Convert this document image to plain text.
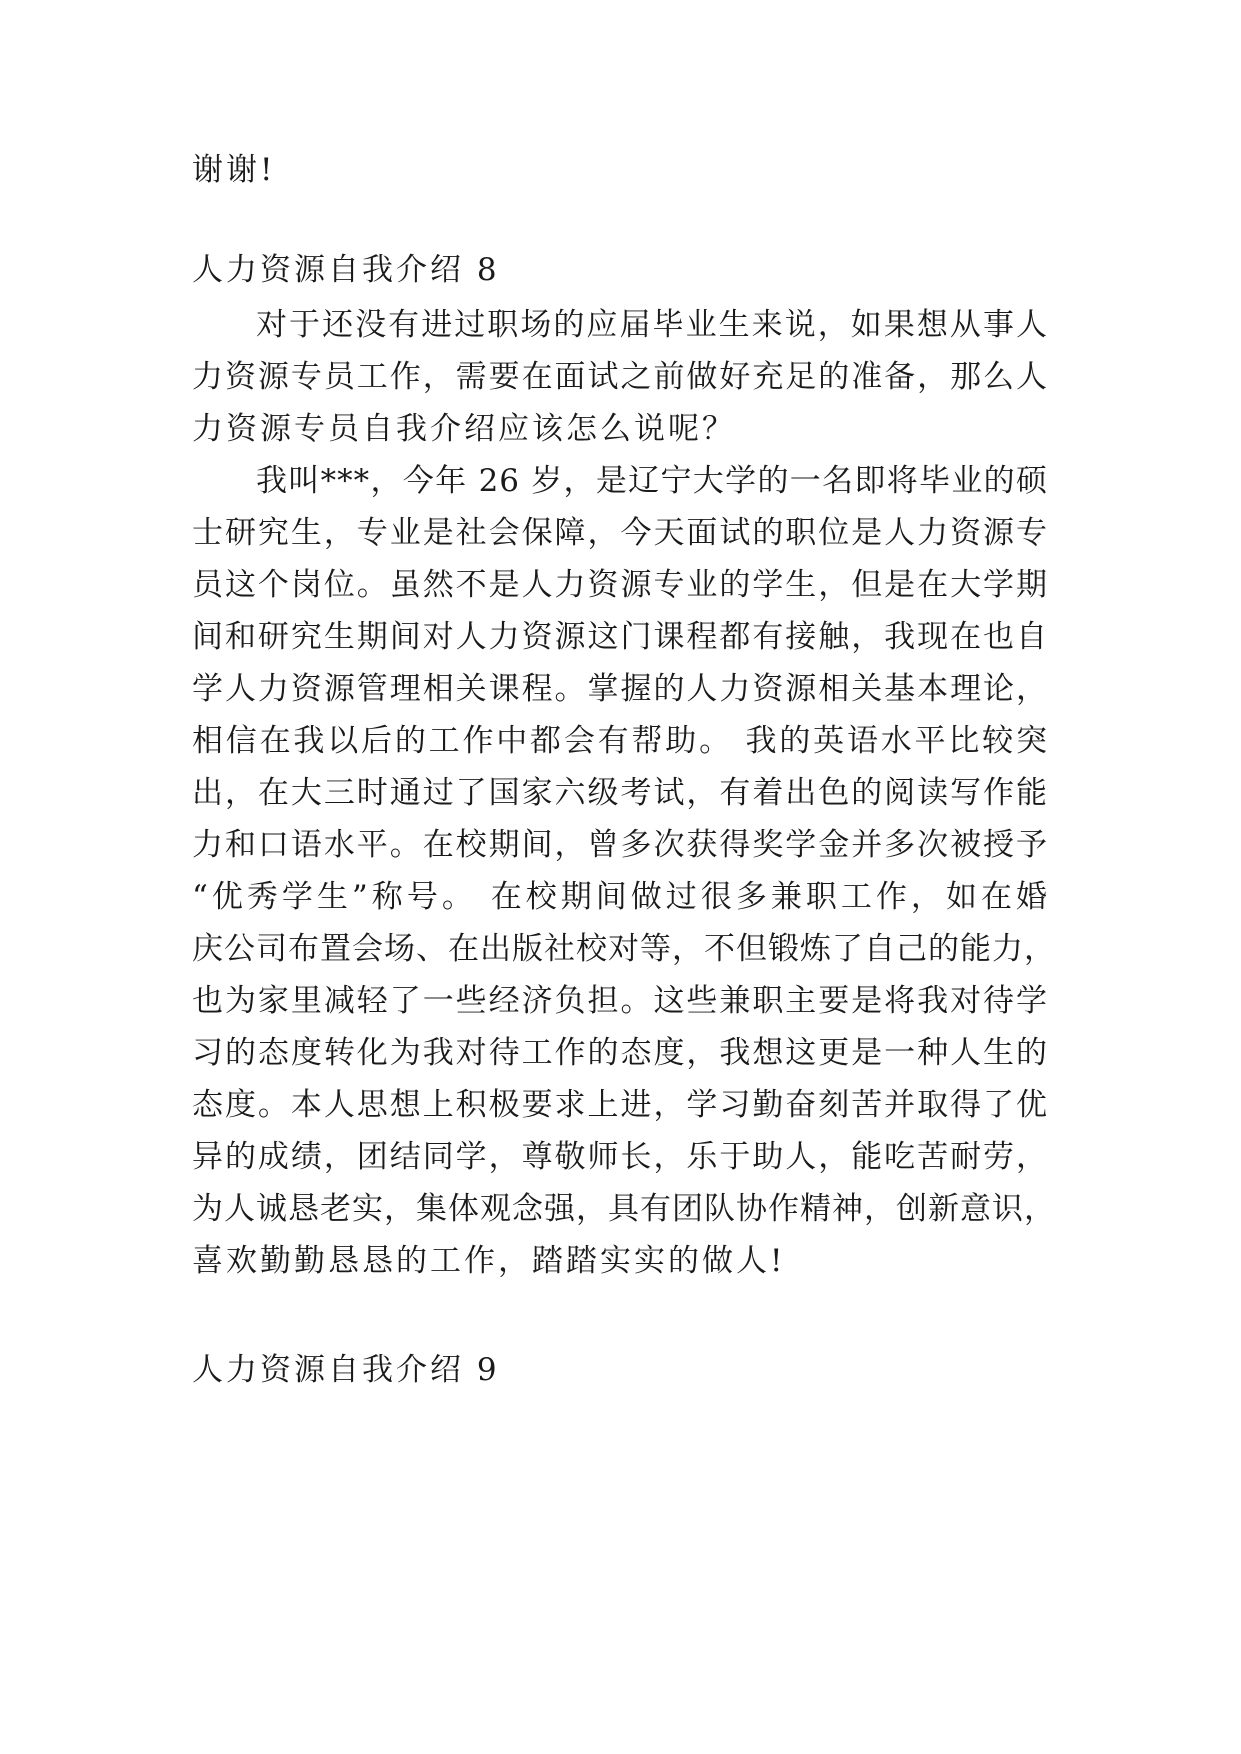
谢谢!

人力资源自我介绍 8

对于还没有进过职场的应届毕业生来说，如果想从事人

力资源专员工作，需要在面试之前做好充足的准备，那么人

力资源专员自我介绍应该怎么说呢？

我叫***，今年 26 岁，是辽宁大学的一名即将毕业的硕

士研究生，专业是社会保障，今天面试的职位是人力资源专

员这个岗位。虽然不是人力资源专业的学生，但是在大学期

间和研究生期间对人力资源这门课程都有接触，我现在也自

学人力资源管理相关课程。掌握的人力资源相关基本理论，

相信在我以后的工作中都会有帮助。 我的英语水平比较突

出，在大三时通过了国家六级考试，有着出色的阅读写作能

力和口语水平。在校期间，曾多次获得奖学金并多次被授予

“优秀学生”称号。 在校期间做过很多兼职工作，如在婚

庆公司布置会场、在出版社校对等，不但锻炼了自己的能力，

也为家里减轻了一些经济负担。这些兼职主要是将我对待学

习的态度转化为我对待工作的态度，我想这更是一种人生的

态度。本人思想上积极要求上进，学习勤奋刻苦并取得了优

异的成绩，团结同学，尊敬师长，乐于助人，能吃苦耐劳，

为人诚恳老实，集体观念强，具有团队协作精神，创新意识，

喜欢勤勤恳恳的工作，踏踏实实的做人!

人力资源自我介绍 9
